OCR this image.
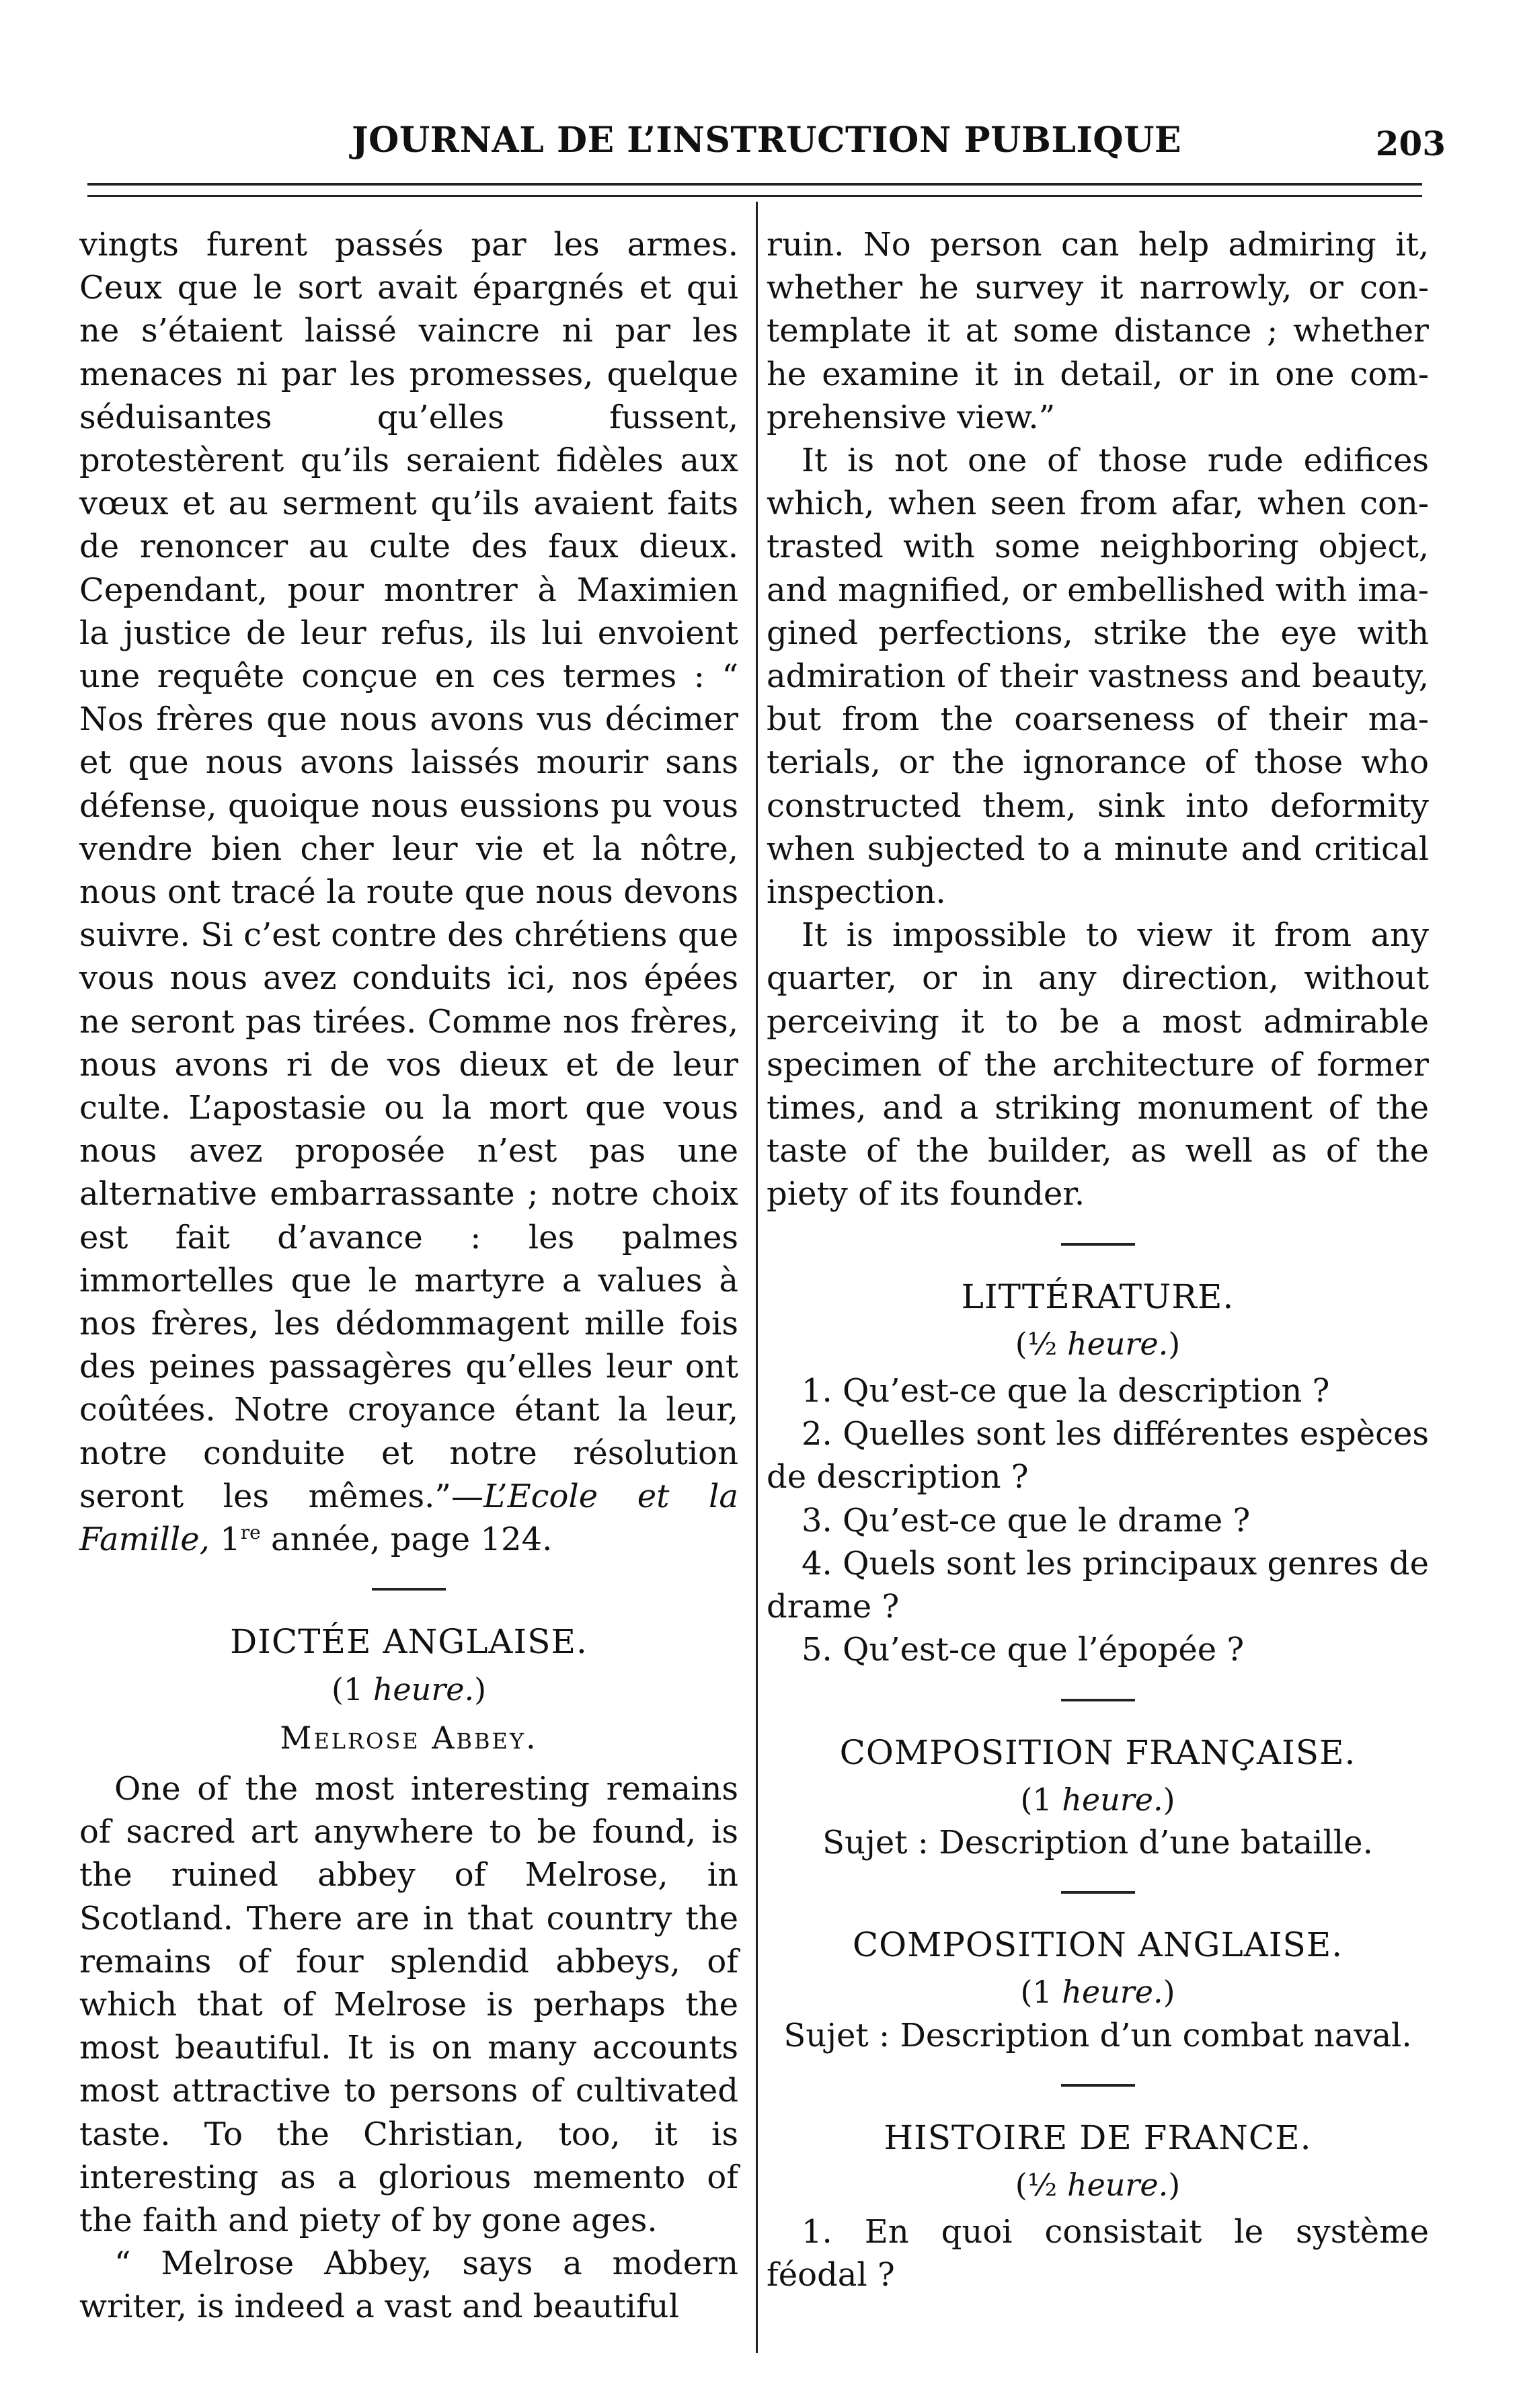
JOURNAL DE L’INSTRUCTION PUBLIQUE	203

vingts furent passés par les armes. Ceux que le sort avait épargnés et qui ne s’étaient laissé vaincre ni par les menaces ni par les promesses, quelque séduisantes qu’elles fussent, protestèrent qu’ils seraient fidèles aux vœux et au serment qu’ils avaient faits de renoncer au culte des faux dieux. Cependant, pour montrer à Maximien la justice de leur refus, ils lui envoient une requête conçue en ces termes : “ Nos frères que nous avons vus décimer et que nous avons laissés mourir sans défense, quoique nous eussions pu vous vendre bien cher leur vie et la nôtre, nous ont tracé la route que nous devons suivre. Si c’est contre des chrétiens que vous nous avez conduits ici, nos épées ne seront pas tirées. Comme nos frères, nous avons ri de vos dieux et de leur culte. L’apostasie ou la mort que vous nous avez proposée n’est pas une alternative embarrassante ; notre choix est fait d’avance : les palmes immortelles que le martyre a values à nos frères, les dédommagent mille fois des peines passagères qu’elles leur ont coûtées. Notre croyance étant la leur, notre conduite et notre résolution seront les mêmes.”—L’Ecole et la Famille, 1re année, page 124.

DICTÉE ANGLAISE.
(1 heure.)
Melrose Abbey.

One of the most interesting remains of sacred art anywhere to be found, is the ruined abbey of Melrose, in Scotland. There are in that country the remains of four splendid abbeys, of which that of Melrose is perhaps the most beautiful. It is on many accounts most attractive to persons of cultivated taste. To the Christian, too, it is interesting as a glorious memento of the faith and piety of by gone ages.

“ Melrose Abbey, says a modern writer, is indeed a vast and beautiful

ruin. No person can help admiring it, whether he survey it narrowly, or contemplate it at some distance ; whether he examine it in detail, or in one comprehensive view.”

It is not one of those rude edifices which, when seen from afar, when contrasted with some neighboring object, and magnified, or embellished with imagined perfections, strike the eye with admiration of their vastness and beauty, but from the coarseness of their materials, or the ignorance of those who constructed them, sink into deformity when subjected to a minute and critical inspection.

It is impossible to view it from any quarter, or in any direction, without perceiving it to be a most admirable specimen of the architecture of former times, and a striking monument of the taste of the builder, as well as of the piety of its founder.

LITTÉRATURE.
(½ heure.)

1. Qu’est-ce que la description ?

2. Quelles sont les différentes espèces de description ?

3. Qu’est-ce que le drame ?

4. Quels sont les principaux genres de drame ?

5. Qu’est-ce que l’épopée ?

COMPOSITION FRANÇAISE.
(1 heure.)

Sujet : Description d’une bataille.

COMPOSITION ANGLAISE.
(1 heure.)

Sujet : Description d’un combat naval.

HISTOIRE DE FRANCE.
(½ heure.)

1. En quoi consistait le système féodal ?
